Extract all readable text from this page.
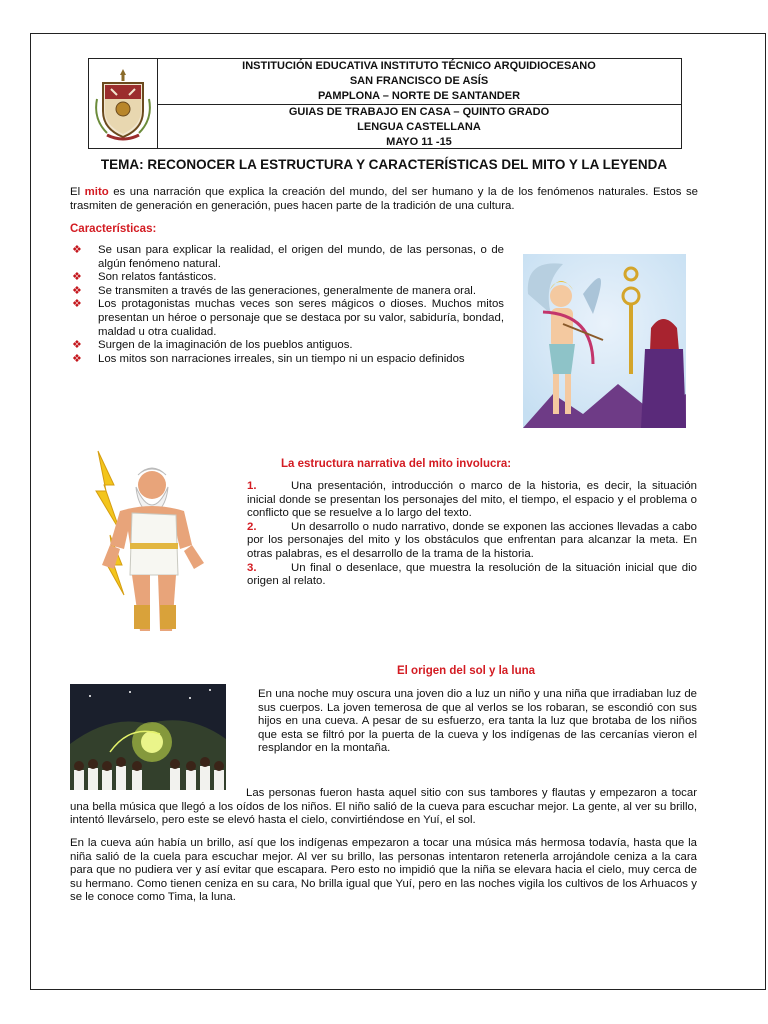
INSTITUCIÓN EDUCATIVA INSTITUTO TÉCNICO ARQUIDIOCESANO
SAN FRANCISCO DE ASÍS
PAMPLONA – NORTE DE SANTANDER
GUIAS DE TRABAJO EN CASA – QUINTO GRADO
LENGUA CASTELLANA
MAYO 11 -15
TEMA: RECONOCER LA ESTRUCTURA Y CARACTERÍSTICAS DEL MITO Y LA LEYENDA
El mito es una narración que explica la creación del mundo, del ser humano y la de los fenómenos naturales. Estos se trasmiten de generación en generación, pues hacen parte de la tradición de una cultura.
Características:
❖ Se usan para explicar la realidad, el origen del mundo, de las personas, o de algún fenómeno natural.
❖ Son relatos fantásticos.
❖ Se transmiten a través de las generaciones, generalmente de manera oral.
❖ Los protagonistas muchas veces son seres mágicos o dioses. Muchos mitos presentan un héroe o personaje que se destaca por su valor, sabiduría, bondad, maldad u otra cualidad.
❖ Surgen de la imaginación de los pueblos antiguos.
❖ Los mitos son narraciones irreales, sin un tiempo ni un espacio definidos
La estructura narrativa del mito involucra:
1.	Una presentación, introducción o marco de la historia, es decir, la situación inicial donde se presentan los personajes del mito, el tiempo, el espacio y el problema o conflicto que se resuelve a lo largo del texto.
2.	Un desarrollo o nudo narrativo, donde se exponen las acciones llevadas a cabo por los personajes del mito y los obstáculos que enfrentan para alcanzar la meta. En otras palabras, es el desarrollo de la trama de la historia.
3.	Un final o desenlace, que muestra la resolución de la situación inicial que dio origen al relato.
El origen del sol y la luna
En una noche muy oscura una joven dio a luz un niño y una niña que irradiaban luz de sus cuerpos. La joven temerosa de que al verlos se los robaran, se escondió con sus hijos en una cueva. A pesar de su esfuerzo, era tanta la luz que brotaba de los niños que esta se filtró por la puerta de la cueva y los indígenas de las cercanías vieron el resplandor en la montaña.
Las personas fueron hasta aquel sitio con sus tambores y flautas y empezaron a tocar una bella música que llegó a los oídos de los niños. El niño salió de la cueva para escuchar mejor. La gente, al ver su brillo, intentó llevárselo, pero este se elevó hasta el cielo, convirtiéndose en Yuí, el sol.
En la cueva aún había un brillo, así que los indígenas empezaron a tocar una música más hermosa todavía, hasta que la niña salió de la cuela para escuchar mejor. Al ver su brillo, las personas intentaron retenerla arrojándole ceniza a la cara para que no pudiera ver y así evitar que escapara. Pero esto no impidió que la niña se elevara hacia el cielo, muy cerca de su hermano. Como tienen ceniza en su cara, No brilla igual que Yuí, pero en las noches vigila los cultivos de los Arhuacos y se le conoce como Tima, la luna.
